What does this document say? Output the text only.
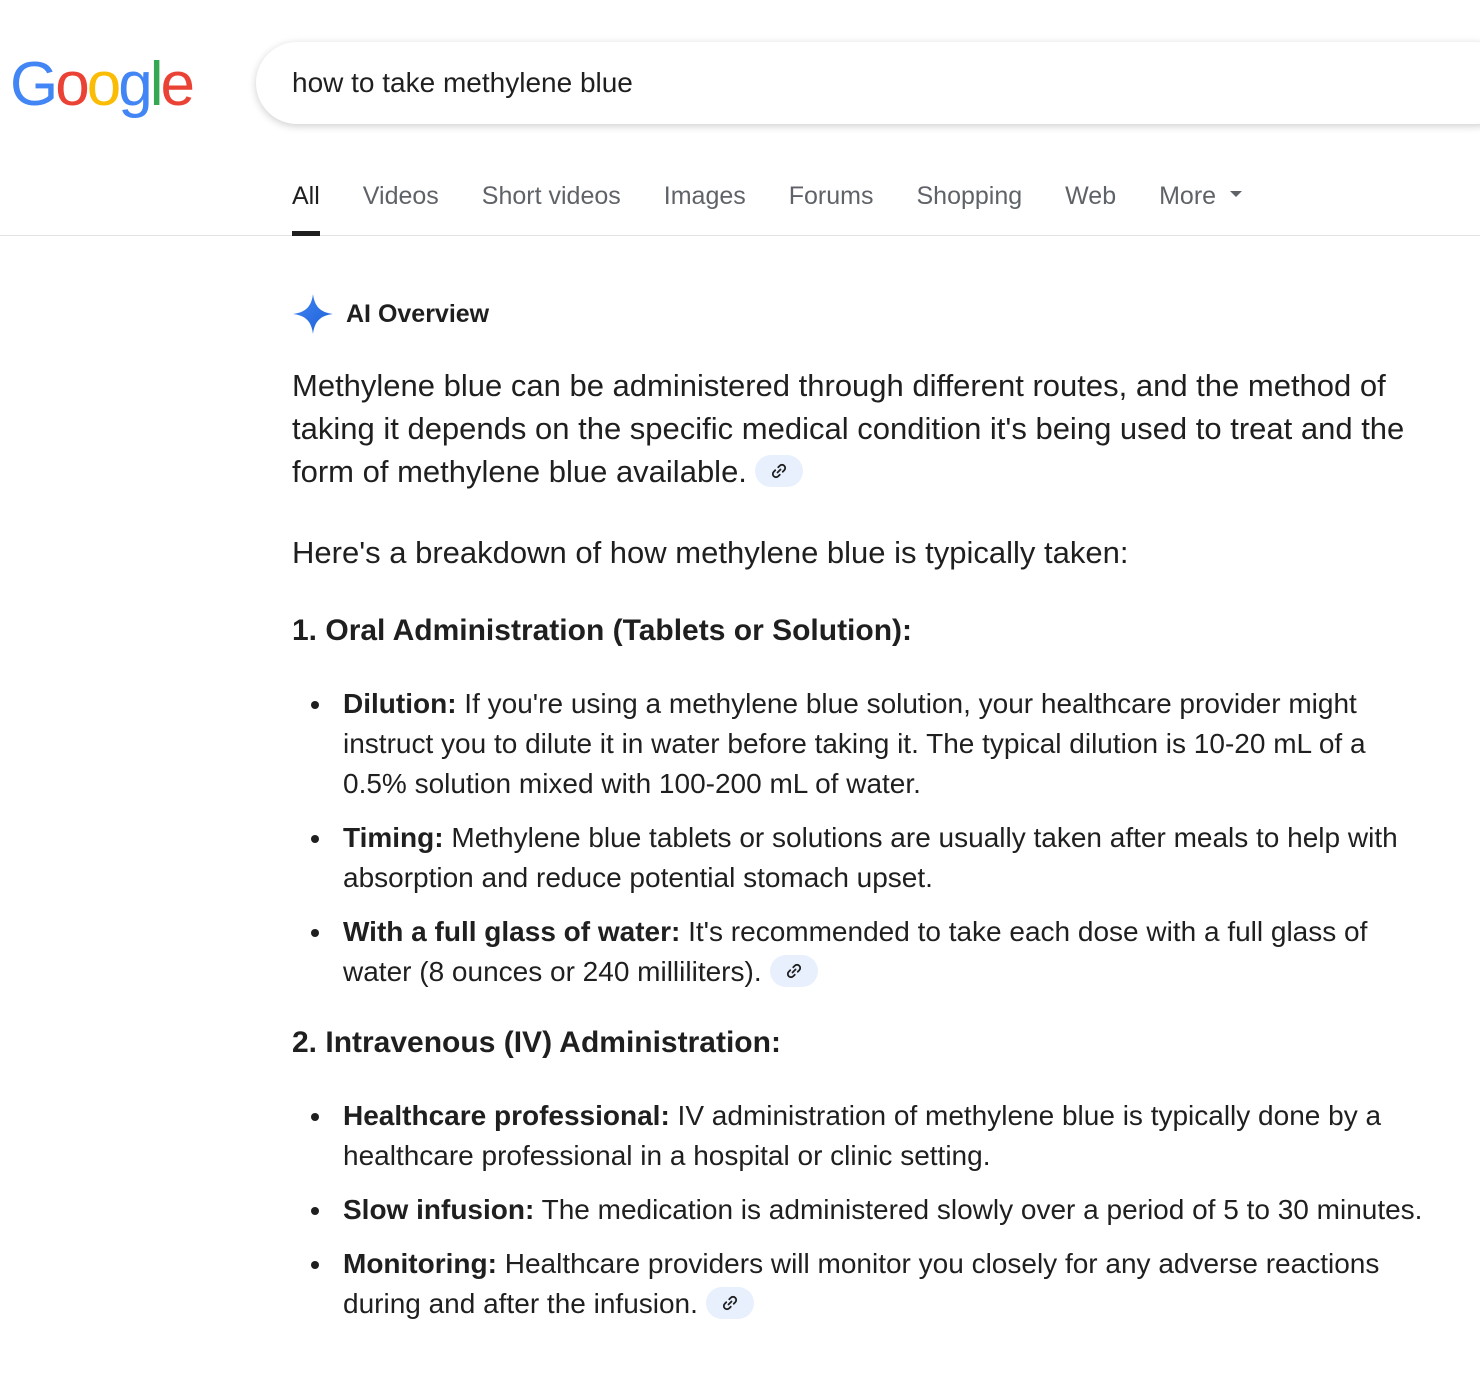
Google
how to take methylene blue
All Videos Short videos Images Forums Shopping Web More
AI Overview

Methylene blue can be administered through different routes, and the method of taking it depends on the specific medical condition it's being used to treat and the form of methylene blue available.

Here's a breakdown of how methylene blue is typically taken:

1. Oral Administration (Tablets or Solution):
Dilution: If you're using a methylene blue solution, your healthcare provider might instruct you to dilute it in water before taking it. The typical dilution is 10-20 mL of a 0.5% solution mixed with 100-200 mL of water.
Timing: Methylene blue tablets or solutions are usually taken after meals to help with absorption and reduce potential stomach upset.
With a full glass of water: It's recommended to take each dose with a full glass of water (8 ounces or 240 milliliters).
2. Intravenous (IV) Administration:
Healthcare professional: IV administration of methylene blue is typically done by a healthcare professional in a hospital or clinic setting.
Slow infusion: The medication is administered slowly over a period of 5 to 30 minutes.
Monitoring: Healthcare providers will monitor you closely for any adverse reactions during and after the infusion.
